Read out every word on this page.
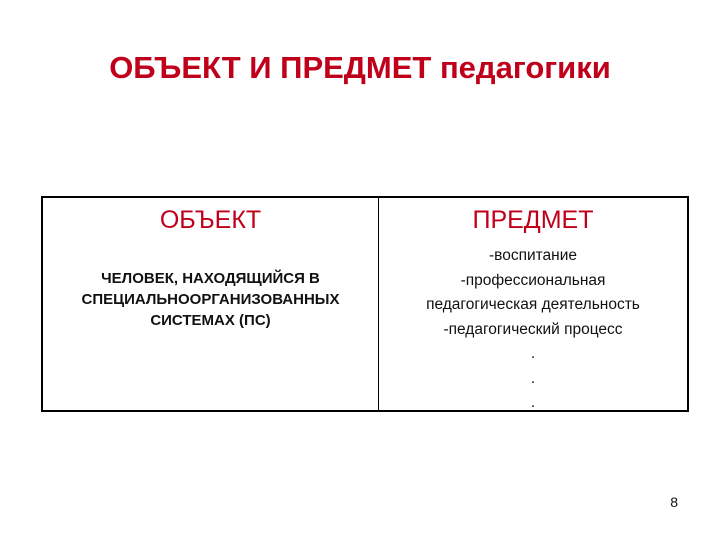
ОБЪЕКТ И ПРЕДМЕТ педагогики
ОБЪЕКТ
ЧЕЛОВЕК, НАХОДЯЩИЙСЯ В
СПЕЦИАЛЬНООРГАНИЗОВАННЫХ
СИСТЕМАХ (ПС)
ПРЕДМЕТ
-воспитание
-профессиональная
педагогическая деятельность
-педагогический процесс
.
.
.
8
